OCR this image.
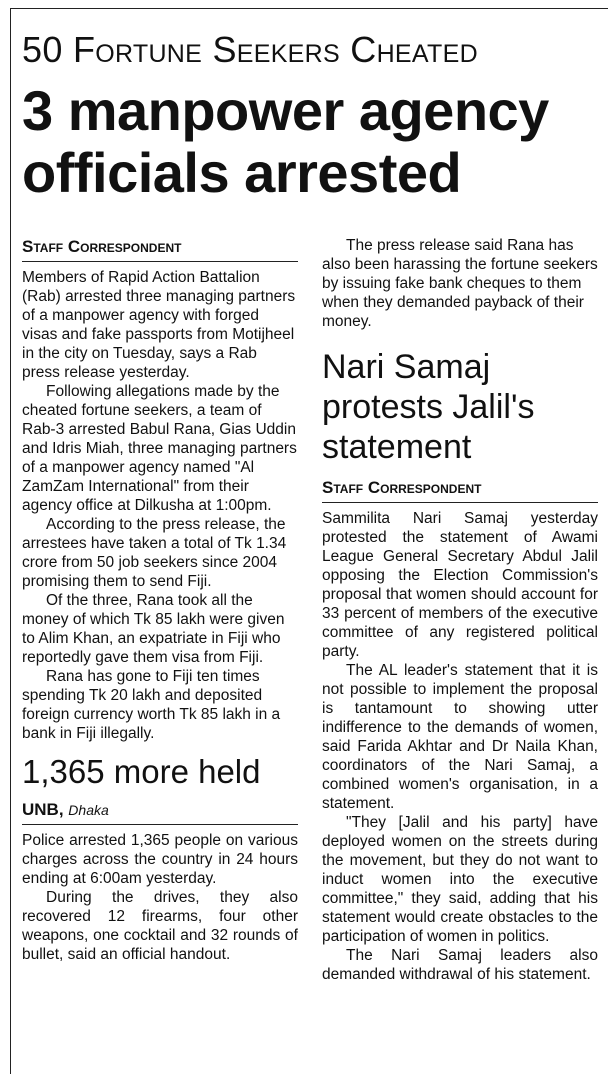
50 Fortune Seekers Cheated
3 manpower agency officials arrested
Staff Correspondent

Members of Rapid Action Battalion (Rab) arrested three managing partners of a manpower agency with forged visas and fake passports from Motijheel in the city on Tuesday, says a Rab press release yesterday.

Following allegations made by the cheated fortune seekers, a team of Rab-3 arrested Babul Rana, Gias Uddin and Idris Miah, three managing partners of a manpower agency named "Al ZamZam International" from their agency office at Dilkusha at 1:00pm.

According to the press release, the arrestees have taken a total of Tk 1.34 crore from 50 job seekers since 2004 promising them to send Fiji.

Of the three, Rana took all the money of which Tk 85 lakh were given to Alim Khan, an expatriate in Fiji who reportedly gave them visa from Fiji.

Rana has gone to Fiji ten times spending Tk 20 lakh and deposited foreign currency worth Tk 85 lakh in a bank in Fiji illegally.

1,365 more held
UNB, Dhaka

Police arrested 1,365 people on various charges across the country in 24 hours ending at 6:00am yesterday.

During the drives, they also recovered 12 firearms, four other weapons, one cocktail and 32 rounds of bullet, said an official handout.

The press release said Rana has also been harassing the fortune seekers by issuing fake bank cheques to them when they demanded payback of their money.

Nari Samaj protests Jalil's statement
Staff Correspondent

Sammilita Nari Samaj yesterday protested the statement of Awami League General Secretary Abdul Jalil opposing the Election Commission's proposal that women should account for 33 percent of members of the executive committee of any registered political party.

The AL leader's statement that it is not possible to implement the proposal is tantamount to showing utter indifference to the demands of women, said Farida Akhtar and Dr Naila Khan, coordinators of the Nari Samaj, a combined women's organisation, in a statement.

"They [Jalil and his party] have deployed women on the streets during the movement, but they do not want to induct women into the executive committee," they said, adding that his statement would create obstacles to the participation of women in politics.

The Nari Samaj leaders also demanded withdrawal of his statement.
